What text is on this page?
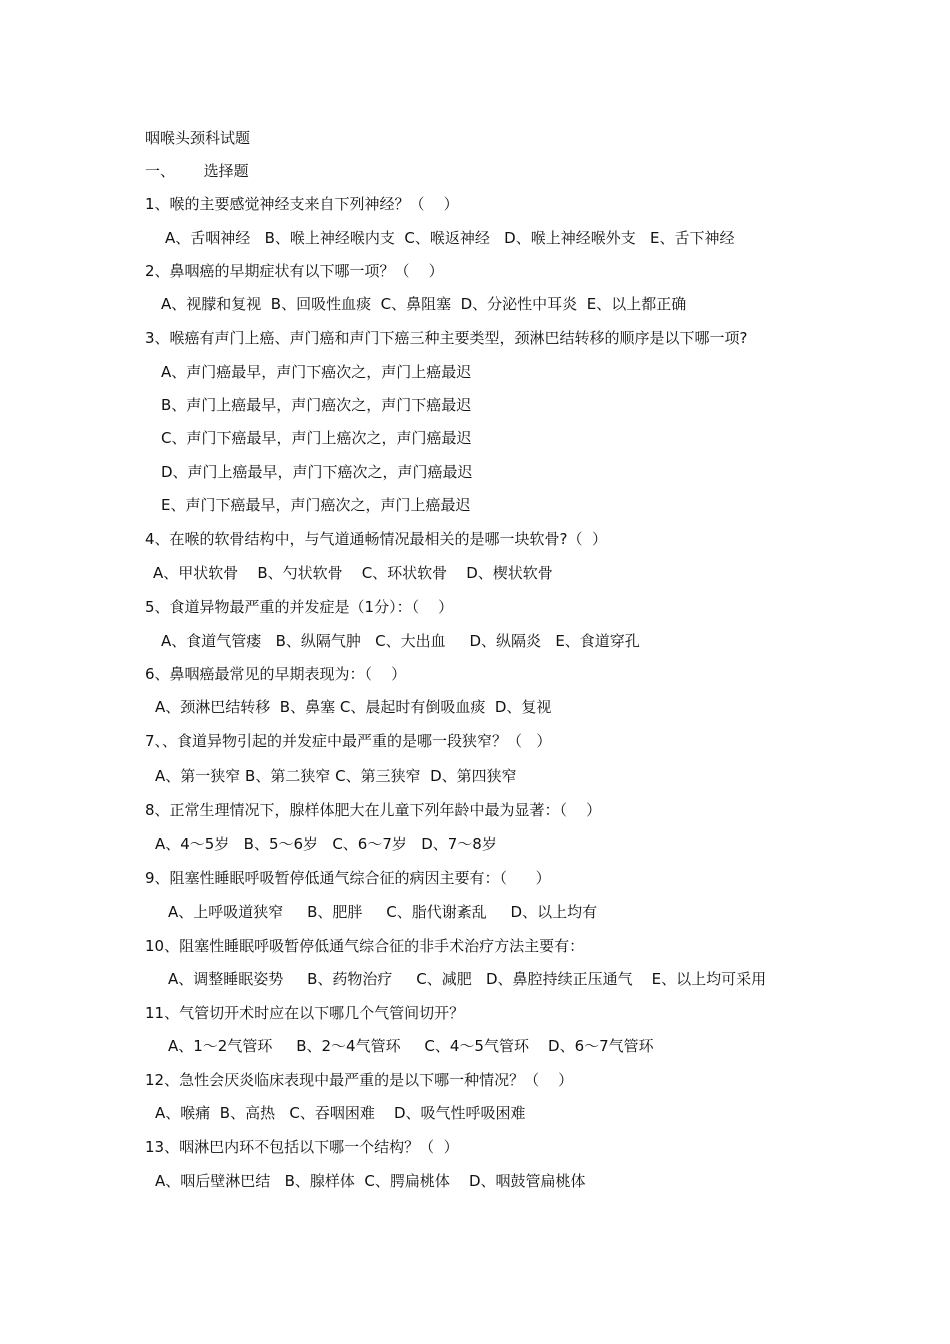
咽喉头颈科试题
一、      选择题
1、喉的主要感觉神经支来自下列神经？（    ）
A、舌咽神经   B、喉上神经喉内支  C、喉返神经   D、喉上神经喉外支   E、舌下神经
2、鼻咽癌的早期症状有以下哪一项？（    ）
A、视朦和复视  B、回吸性血痰  C、鼻阻塞  D、分泌性中耳炎  E、以上都正确
3、喉癌有声门上癌、声门癌和声门下癌三种主要类型，颈淋巴结转移的顺序是以下哪一项?
A、声门癌最早，声门下癌次之，声门上癌最迟
B、声门上癌最早，声门癌次之，声门下癌最迟
C、声门下癌最早，声门上癌次之，声门癌最迟
D、声门上癌最早，声门下癌次之，声门癌最迟
E、声门下癌最早，声门癌次之，声门上癌最迟
4、在喉的软骨结构中，与气道通畅情况最相关的是哪一块软骨?（  ）
A、甲状软骨    B、勺状软骨    C、环状软骨    D、楔状软骨
5、食道异物最严重的并发症是（1分）：（    ）
A、食道气管瘘   B、纵隔气肿   C、大出血     D、纵隔炎   E、食道穿孔
6、鼻咽癌最常见的早期表现为：（    ）
A、颈淋巴结转移  B、鼻塞 C、晨起时有倒吸血痰  D、复视
7、、食道异物引起的并发症中最严重的是哪一段狭窄？（   ）
A、第一狭窄 B、第二狭窄 C、第三狭窄  D、第四狭窄
8、正常生理情况下，腺样体肥大在儿童下列年龄中最为显著：（    ）
A、4～5岁   B、5～6岁   C、6～7岁   D、7～8岁
9、阻塞性睡眠呼吸暂停低通气综合征的病因主要有：（      ）
A、上呼吸道狭窄     B、肥胖     C、脂代谢紊乱     D、以上均有
10、阻塞性睡眠呼吸暂停低通气综合征的非手术治疗方法主要有：
A、调整睡眠姿势     B、药物治疗     C、减肥   D、鼻腔持续正压通气    E、以上均可采用
11、气管切开术时应在以下哪几个气管间切开？
A、1～2气管环     B、2～4气管环     C、4～5气管环    D、6～7气管环
12、急性会厌炎临床表现中最严重的是以下哪一种情况？（    ）
A、喉痛  B、高热   C、吞咽困难    D、吸气性呼吸困难
13、咽淋巴内环不包括以下哪一个结构？（  ）
A、咽后壁淋巴结   B、腺样体  C、腭扁桃体    D、咽鼓管扁桃体
